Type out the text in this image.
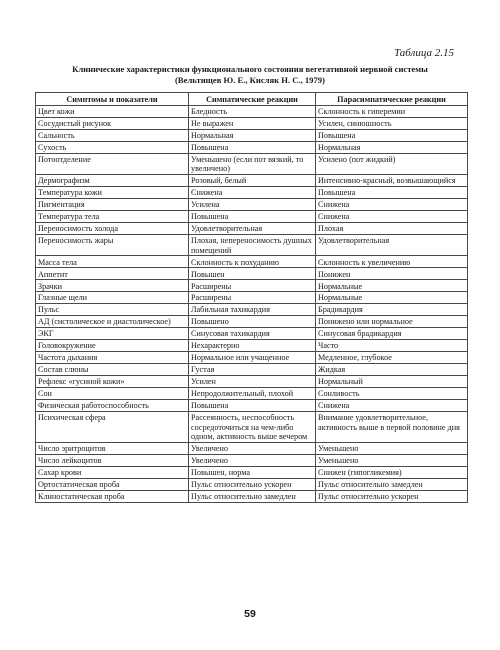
Таблица 2.15
Клинические характеристики функционального состояния вегетативной нервной системы
(Вельтищев Ю. Е., Кисляк Н. С., 1979)
Симптомы и показатели	Симпатические реакции	Парасимпатические реакции
Цвет кожи	Бледность	Склонность к гиперемии
Сосудистый рисунок	Не выражен	Усилен, синюшность
Сальность	Нормальная	Повышена
Сухость	Повышена	Нормальная
Потоотделение	Уменьшено (если пот вязкий, то увеличено)	Усилено (пот жидкий)
Дермографизм	Розовый, белый	Интенсивно-красный, возвышающийся
Температура кожи	Снижена	Повышена
Пигментация	Усилена	Снижена
Температура тела	Повышена	Снижена
Переносимость холода	Удовлетворительная	Плохая
Переносимость жары	Плохая, непереносимость душных помещений	Удовлетворительная
Масса тела	Склонность к похуданию	Склонность к увеличению
Аппетит	Повышен	Понижен
Зрачки	Расширены	Нормальные
Глазные щели	Расширены	Нормальные
Пульс	Лабильная тахикардия	Брадикардия
АД (систолическое и диастолическое)	Повышено	Понижено или нормальное
ЭКГ	Синусовая тахикардия	Синусовая брадикардия
Головокружение	Нехарактерно	Часто
Частота дыхания	Нормальное или учащенное	Медленное, глубокое
Состав слюны	Густая	Жидкая
Рефлекс «гусиной кожи»	Усилен	Нормальный
Сон	Непродолжительный, плохой	Сонливость
Физическая работоспособность	Повышена	Снижена
Психическая сфера	Рассеянность, неспособность сосредоточиться на чем-либо одном, активность выше вечером	Внимание удовлетворительное, активность выше в первой половине дня
Число эритроцитов	Увеличено	Уменьшено
Число лейкоцитов	Увеличено	Уменьшено
Сахар крови	Повышен, норма	Снижен (гипогликемия)
Ортостатическая проба	Пульс относительно ускорен	Пульс относительно замедлен
Клиностатическая проба	Пульс относительно замедлен	Пульс относительно ускорен
59
